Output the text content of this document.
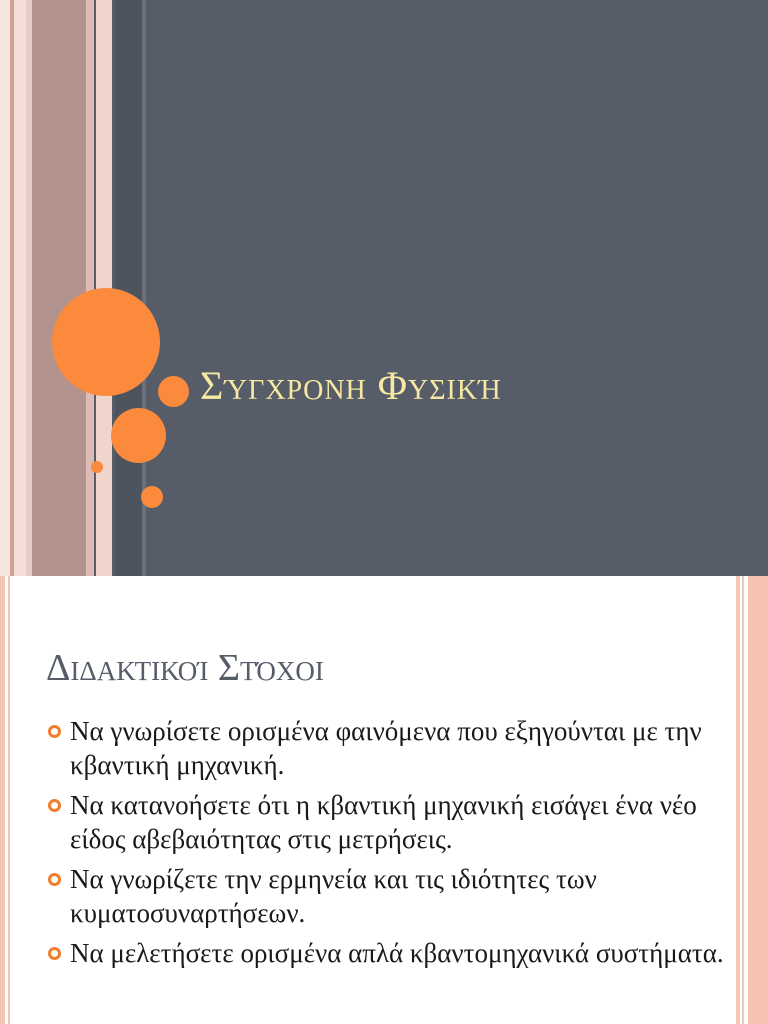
Σύγχρονη Φυσική
Διδακτικοί Στόχοι
Να γνωρίσετε ορισμένα φαινόμενα που εξηγούνται με την κβαντική μηχανική.
Να κατανοήσετε ότι η κβαντική μηχανική εισάγει ένα νέο είδος αβεβαιότητας στις μετρήσεις.
Να γνωρίζετε την ερμηνεία και τις ιδιότητες των κυματοσυναρτήσεων.
Να μελετήσετε ορισμένα απλά κβαντομηχανικά συστήματα.
